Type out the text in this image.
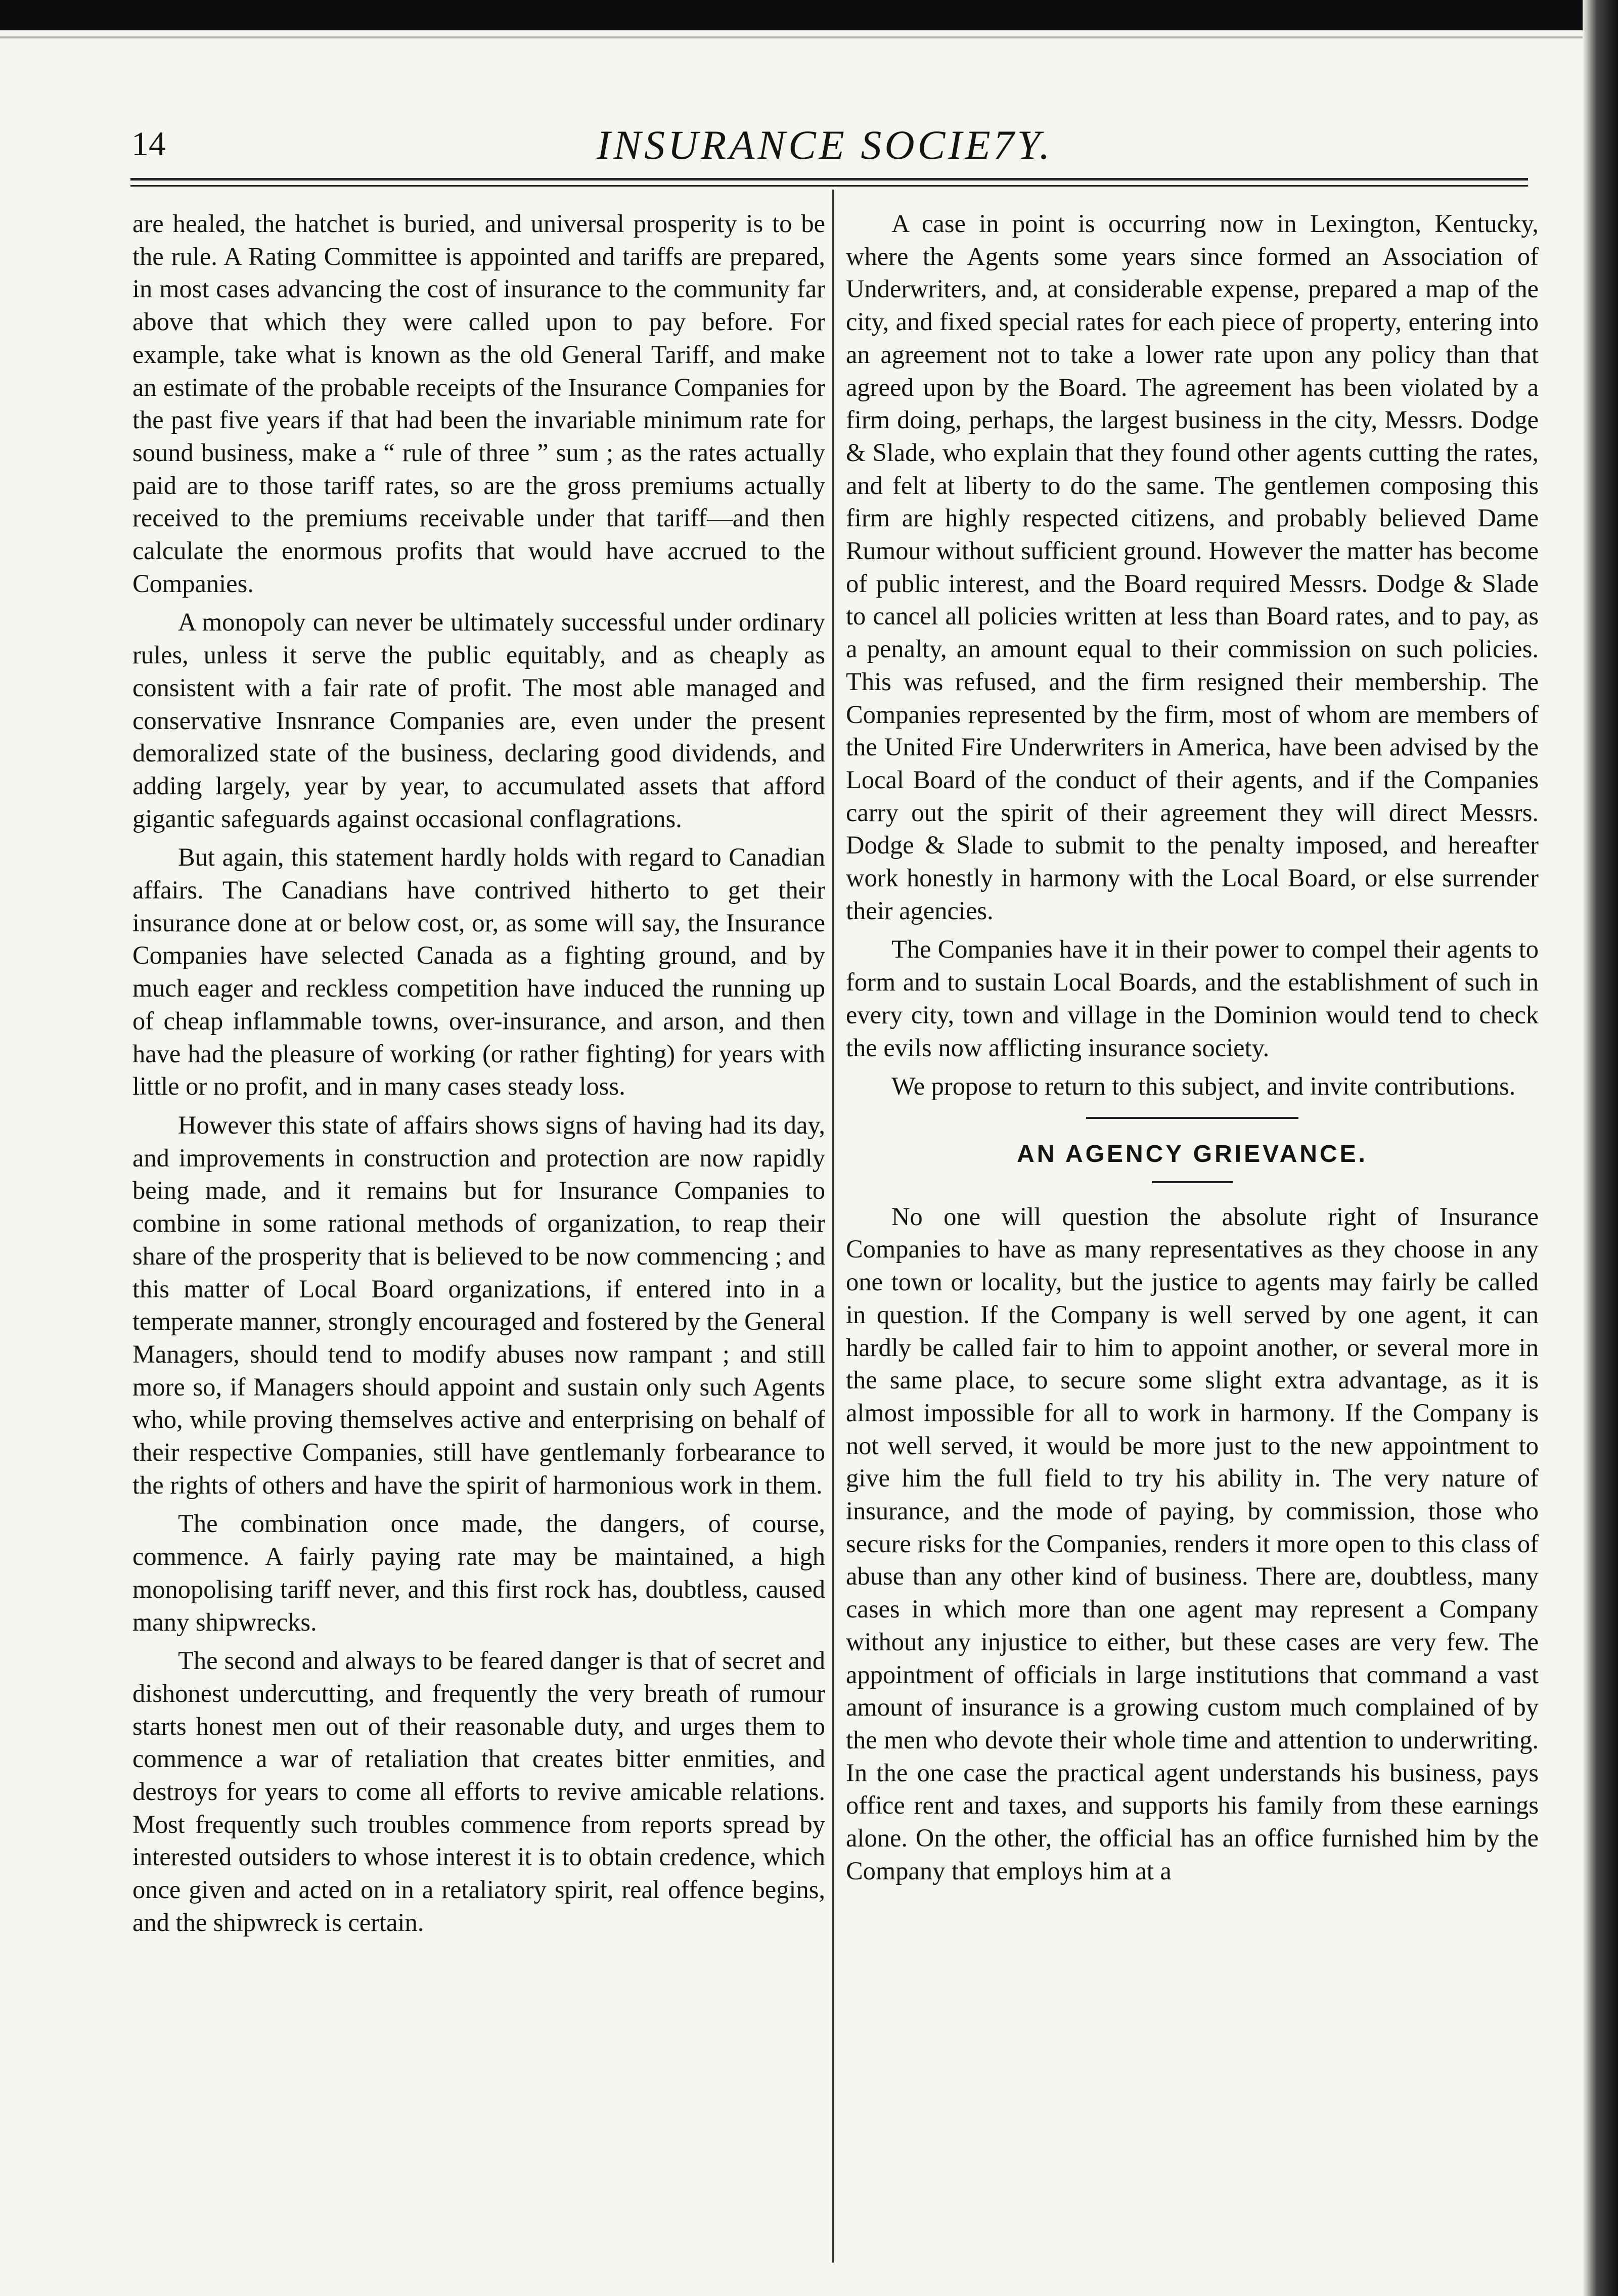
14	INSURANCE SOCIE7Y.

are healed, the hatchet is buried, and universal prosperity is to be the rule. A Rating Committee is appointed and tariffs are prepared, in most cases advancing the cost of insurance to the community far above that which they were called upon to pay before. For example, take what is known as the old General Tariff, and make an estimate of the probable receipts of the Insurance Companies for the past five years if that had been the invariable minimum rate for sound business, make a “ rule of three ” sum ; as the rates actually paid are to those tariff rates, so are the gross premiums actually received to the premiums receivable under that tariff—and then calculate the enormous profits that would have accrued to the Companies.

A monopoly can never be ultimately successful under ordinary rules, unless it serve the public equitably, and as cheaply as consistent with a fair rate of profit. The most able managed and conservative Insnrance Companies are, even under the present demoralized state of the business, declaring good dividends, and adding largely, year by year, to accumulated assets that afford gigantic safeguards against occasional conflagrations.

But again, this statement hardly holds with regard to Canadian affairs. The Canadians have contrived hitherto to get their insurance done at or below cost, or, as some will say, the Insurance Companies have selected Canada as a fighting ground, and by much eager and reckless competition have induced the running up of cheap inflammable towns, over-insurance, and arson, and then have had the pleasure of working (or rather fighting) for years with little or no profit, and in many cases steady loss.

However this state of affairs shows signs of having had its day, and improvements in construction and protection are now rapidly being made, and it remains but for Insurance Companies to combine in some rational methods of organization, to reap their share of the prosperity that is believed to be now commencing ; and this matter of Local Board organizations, if entered into in a temperate manner, strongly encouraged and fostered by the General Managers, should tend to modify abuses now rampant ; and still more so, if Managers should appoint and sustain only such Agents who, while proving themselves active and enterprising on behalf of their respective Companies, still have gentlemanly forbearance to the rights of others and have the spirit of harmonious work in them.

The combination once made, the dangers, of course, commence. A fairly paying rate may be maintained, a high monopolising tariff never, and this first rock has, doubtless, caused many shipwrecks.

The second and always to be feared danger is that of secret and dishonest undercutting, and frequently the very breath of rumour starts honest men out of their reasonable duty, and urges them to commence a war of retaliation that creates bitter enmities, and destroys for years to come all efforts to revive amicable relations. Most frequently such troubles commence from reports spread by interested outsiders to whose interest it is to obtain credence, which once given and acted on in a retaliatory spirit, real offence begins, and the shipwreck is certain.

A case in point is occurring now in Lexington, Kentucky, where the Agents some years since formed an Association of Underwriters, and, at considerable expense, prepared a map of the city, and fixed special rates for each piece of property, entering into an agreement not to take a lower rate upon any policy than that agreed upon by the Board. The agreement has been violated by a firm doing, perhaps, the largest business in the city, Messrs. Dodge & Slade, who explain that they found other agents cutting the rates, and felt at liberty to do the same. The gentlemen composing this firm are highly respected citizens, and probably believed Dame Rumour without sufficient ground. However the matter has become of public interest, and the Board required Messrs. Dodge & Slade to cancel all policies written at less than Board rates, and to pay, as a penalty, an amount equal to their commission on such policies. This was refused, and the firm resigned their membership. The Companies represented by the firm, most of whom are members of the United Fire Underwriters in America, have been advised by the Local Board of the conduct of their agents, and if the Companies carry out the spirit of their agreement they will direct Messrs. Dodge & Slade to submit to the penalty imposed, and hereafter work honestly in harmony with the Local Board, or else surrender their agencies.

The Companies have it in their power to compel their agents to form and to sustain Local Boards, and the establishment of such in every city, town and village in the Dominion would tend to check the evils now afflicting insurance society.

We propose to return to this subject, and invite contributions.

AN AGENCY GRIEVANCE.

No one will question the absolute right of Insurance Companies to have as many representatives as they choose in any one town or locality, but the justice to agents may fairly be called in question. If the Company is well served by one agent, it can hardly be called fair to him to appoint another, or several more in the same place, to secure some slight extra advantage, as it is almost impossible for all to work in harmony. If the Company is not well served, it would be more just to the new appointment to give him the full field to try his ability in. The very nature of insurance, and the mode of paying, by commission, those who secure risks for the Companies, renders it more open to this class of abuse than any other kind of business. There are, doubtless, many cases in which more than one agent may represent a Company without any injustice to either, but these cases are very few. The appointment of officials in large institutions that command a vast amount of insurance is a growing custom much complained of by the men who devote their whole time and attention to underwriting. In the one case the practical agent understands his business, pays office rent and taxes, and supports his family from these earnings alone. On the other, the official has an office furnished him by the Company that employs him at a
